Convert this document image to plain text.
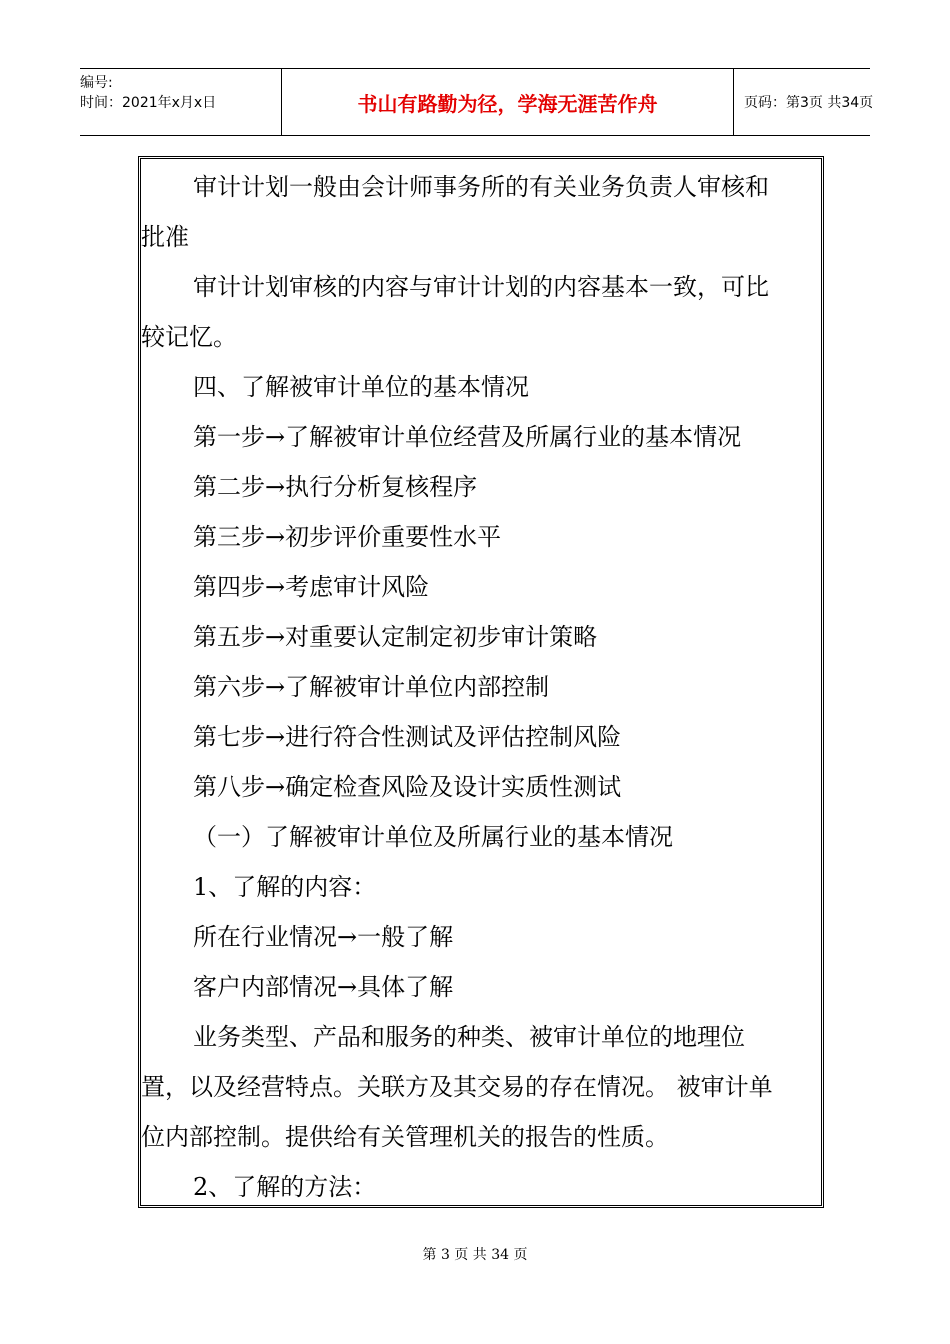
编号:
时间：2021年x月x日	书山有路勤为径，学海无涯苦作舟	页码：第3页 共34页

审计计划一般由会计师事务所的有关业务负责人审核和

批准

审计计划审核的内容与审计计划的内容基本一致，可比

较记忆。

四、了解被审计单位的基本情况

第一步→了解被审计单位经营及所属行业的基本情况

第二步→执行分析复核程序

第三步→初步评价重要性水平

第四步→考虑审计风险

第五步→对重要认定制定初步审计策略

第六步→了解被审计单位内部控制

第七步→进行符合性测试及评估控制风险

第八步→确定检查风险及设计实质性测试

（一）了解被审计单位及所属行业的基本情况

1、了解的内容：

所在行业情况→一般了解

客户内部情况→具体了解

业务类型、产品和服务的种类、被审计单位的地理位

置，以及经营特点。关联方及其交易的存在情况。 被审计单

位内部控制。提供给有关管理机关的报告的性质。

2、了解的方法：

第 3 页 共 34 页
